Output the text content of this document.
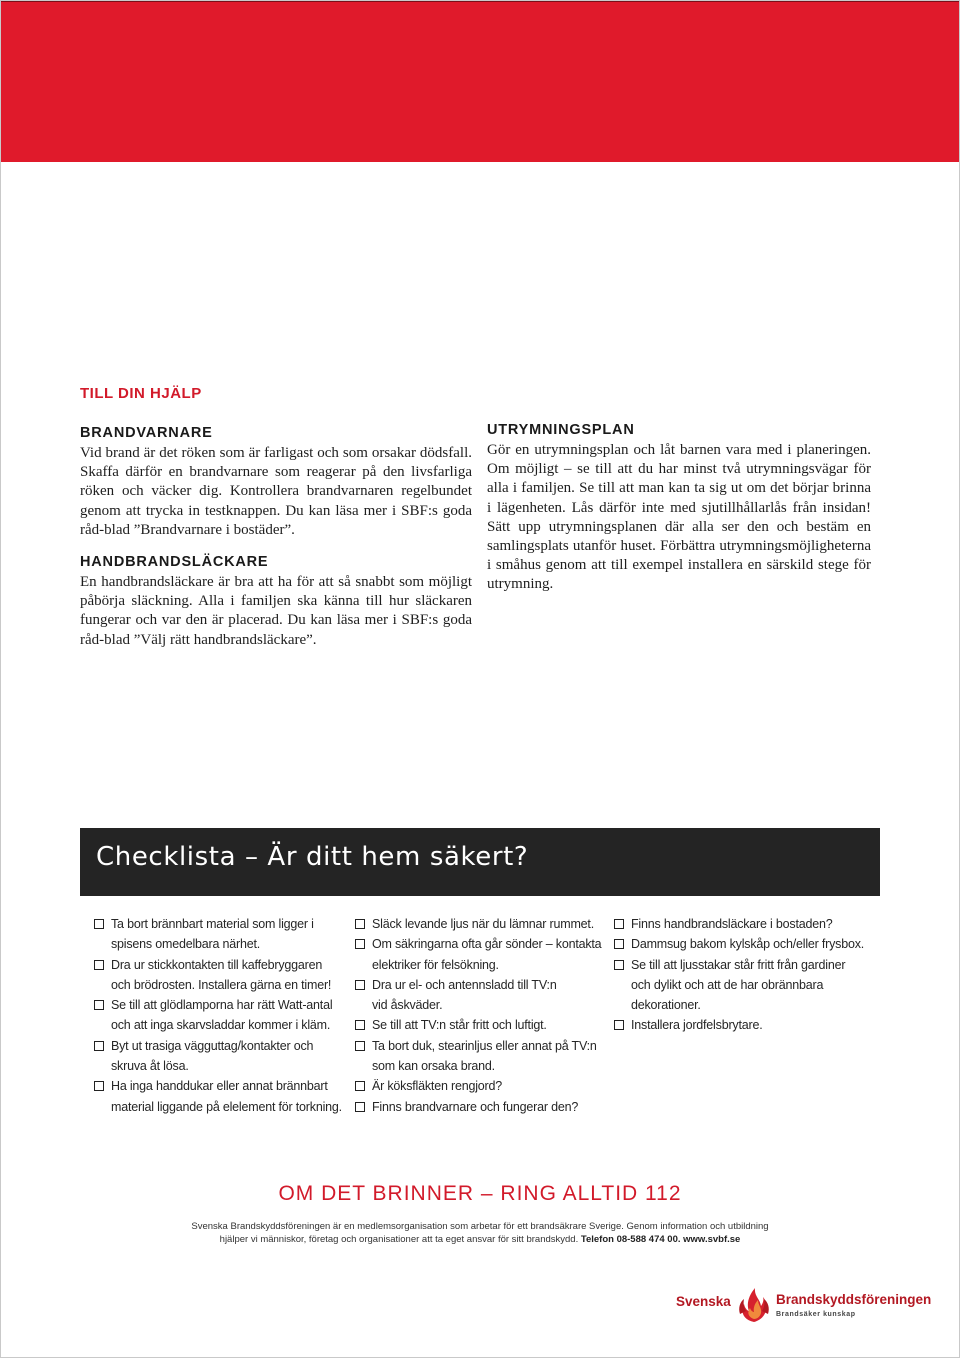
TILL DIN HJÄLP
BRANDVARNARE

Vid brand är det röken som är farligast och som orsakar dödsfall. Skaffa därför en brandvarnare som reagerar på den livsfarliga röken och väcker dig. Kontrollera brandvarnaren regelbundet genom att trycka in testknappen. Du kan läsa mer i SBF:s goda råd-blad ”Brandvarnare i bostäder”.

HANDBRANDSLÄCKARE

En handbrandsläckare är bra att ha för att så snabbt som möjligt påbörja släckning. Alla i familjen ska känna till hur släckaren fungerar och var den är placerad. Du kan läsa mer i SBF:s goda råd-blad ”Välj rätt handbrandsläckare”.

UTRYMNINGSPLAN

Gör en utrymningsplan och låt barnen vara med i planeringen. Om möjligt – se till att du har minst två utrymningsvägar för alla i familjen. Se till att man kan ta sig ut om det börjar brinna i lägenheten. Lås därför inte med sjutillhållarlås från insidan! Sätt upp utrymningsplanen där alla ser den och bestäm en samlingsplats utanför huset. Förbättra utrymningsmöjligheterna i småhus genom att till exempel installera en särskild stege för utrymning.

Checklista – Är ditt hem säkert?
Ta bort brännbart material som ligger i
spisens omedelbara närhet.
Dra ur stickkontakten till kaffebryggaren
och brödrosten. Installera gärna en timer!
Se till att glödlamporna har rätt Watt-antal
och att inga skarvsladdar kommer i kläm.
Byt ut trasiga vägguttag/kontakter och
skruva åt lösa.
Ha inga handdukar eller annat brännbart
material liggande på elelement för torkning.
Släck levande ljus när du lämnar rummet.
Om säkringarna ofta går sönder – kontakta
elektriker för felsökning.
Dra ur el- och antennsladd till TV:n
vid åskväder.
Se till att TV:n står fritt och luftigt.
Ta bort duk, stearinljus eller annat på TV:n
som kan orsaka brand.
Är köksfläkten rengjord?
Finns brandvarnare och fungerar den?
Finns handbrandsläckare i bostaden?
Dammsug bakom kylskåp och/eller frysbox.
Se till att ljusstakar står fritt från gardiner
och dylikt och att de har obrännbara
dekorationer.
Installera jordfelsbrytare.
OM DET BRINNER – RING ALLTID 112

Svenska Brandskyddsföreningen är en medlemsorganisation som arbetar för ett brandsäkrare Sverige. Genom information och utbildning
hjälper vi människor, företag och organisationer att ta eget ansvar för sitt brandskydd. Telefon 08-588 474 00. www.svbf.se

Svenska	Brandskyddsföreningen
Brandsäker kunskap
